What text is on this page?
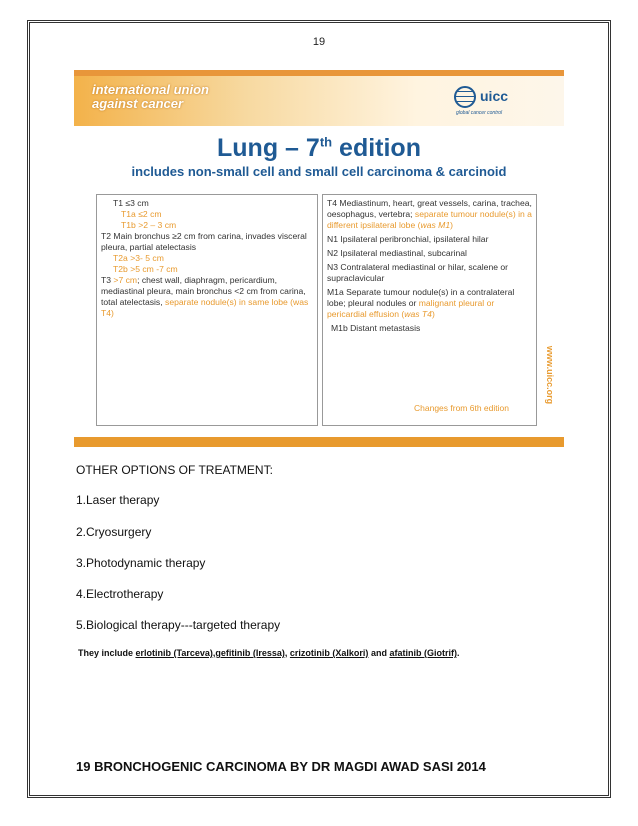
19
international union
against cancer	uicc
global cancer control
Lung – 7th edition
includes non-small cell and small cell carcinoma & carcinoid

T1 ≤3 cm

T1a ≤2 cm

T1b >2 – 3 cm

T2 Main bronchus ≥2 cm from carina, invades visceral pleura, partial atelectasis

T2a >3- 5 cm

T2b >5 cm -7 cm

T3 >7 cm; chest wall, diaphragm, pericardium, mediastinal pleura, main bronchus <2 cm from carina, total atelectasis, separate nodule(s) in same lobe (was T4)

T4 Mediastinum, heart, great vessels, carina, trachea, oesophagus, vertebra; separate tumour nodule(s) in a different ipsilateral lobe (was M1)

N1 Ipsilateral peribronchial, ipsilateral hilar

N2 Ipsilateral mediastinal, subcarinal

N3 Contralateral mediastinal or hilar, scalene or supraclavicular

M1a Separate tumour nodule(s) in a contralateral lobe; pleural nodules or malignant pleural or pericardial effusion (was T4)

M1b Distant metastasis

Changes from 6th edition
www.uicc.org
OTHER OPTIONS OF TREATMENT:
1.Laser therapy
2.Cryosurgery
3.Photodynamic therapy
4.Electrotherapy
5.Biological therapy---targeted therapy
They include erlotinib (Tarceva),gefitinib (Iressa), crizotinib (Xalkori) and afatinib (Giotrif).
19 BRONCHOGENIC CARCINOMA BY DR MAGDI AWAD SASI 2014
